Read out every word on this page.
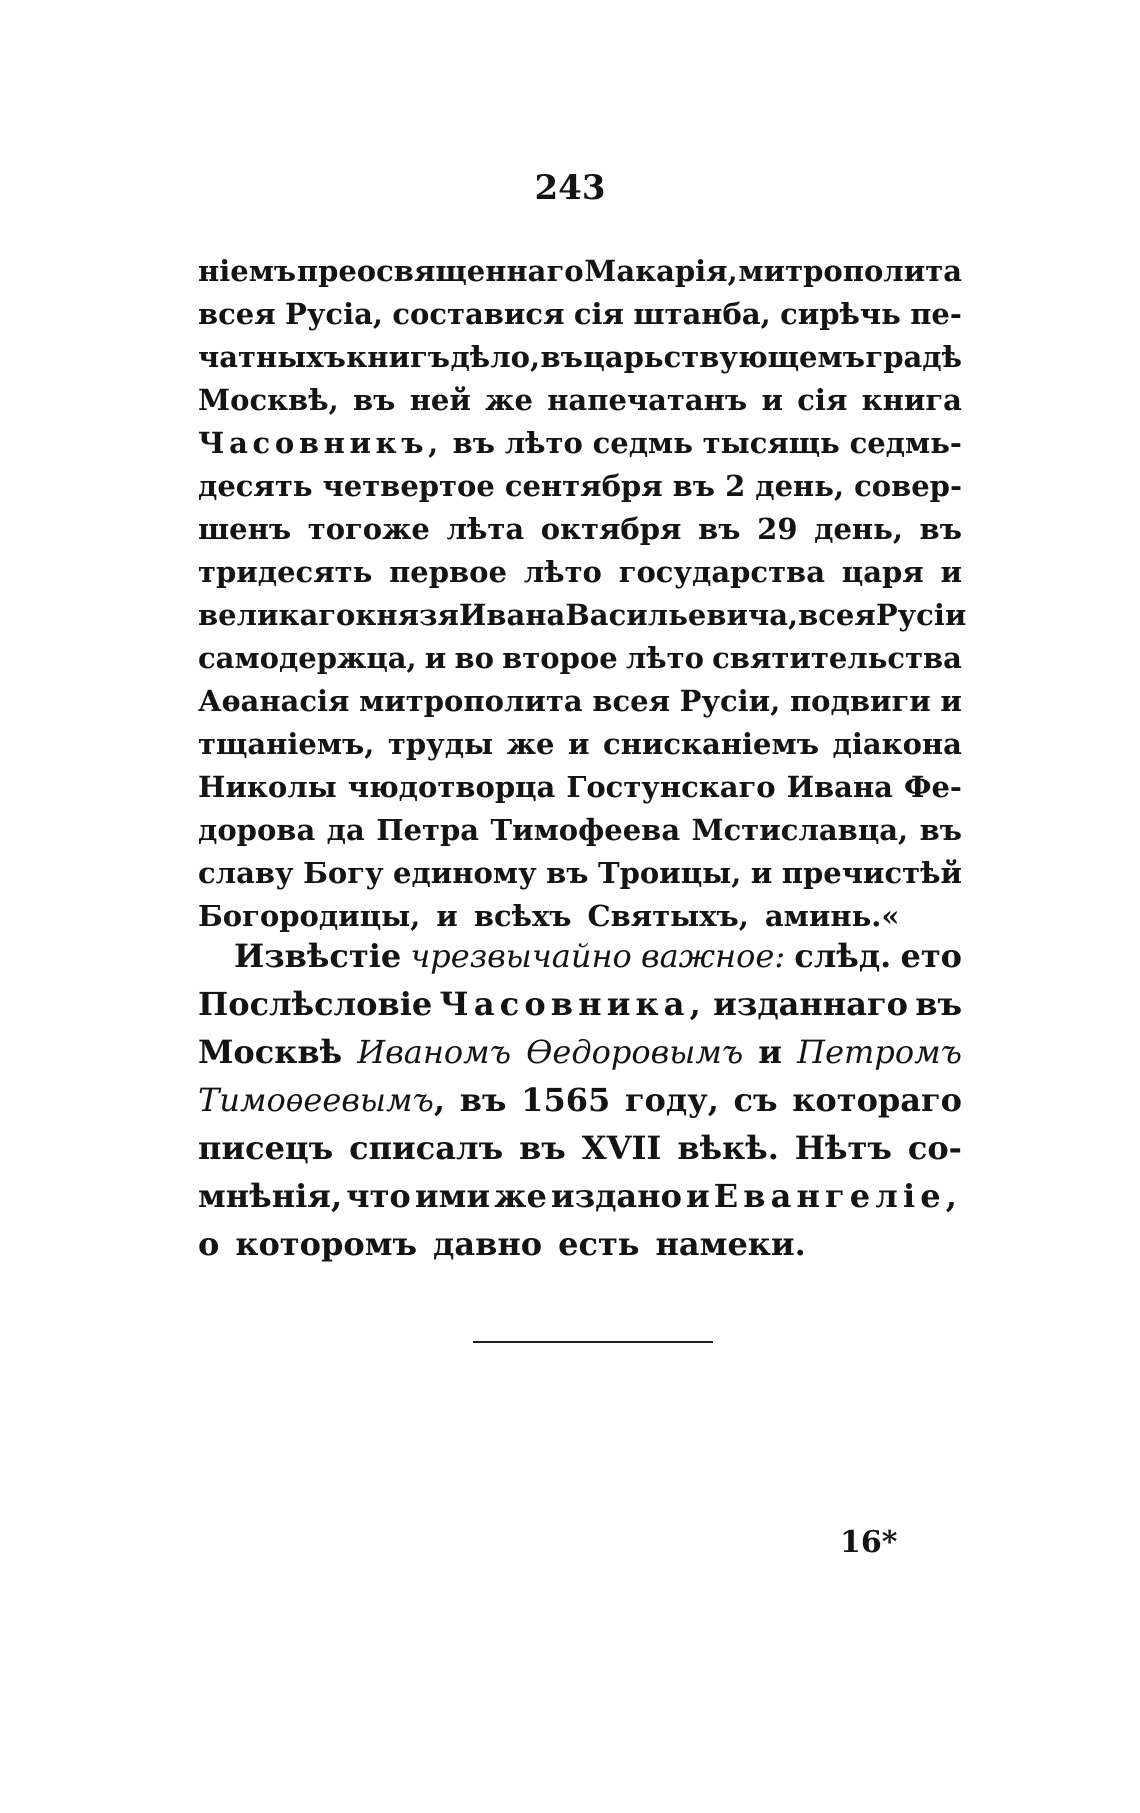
243
ніемъ преосвященнаго Макарія, митрополита
всея Русіа, составися сія штанба, сирѣчь пе-
чатныхъ книгъ дѣло, въ царьствующемъ градѣ
Москвѣ, въ ней же напечатанъ и сія книга
Часовникъ, въ лѣто седмь тысящь седмь-
десять четвертое сентября въ 2 день, совер-
шенъ тогоже лѣта октября въ 29 день, въ
тридесять первое лѣто государства царя и
великаго князя Ивана Васильевича, всея Русіи
самодержца, и во второе лѣто святительства
Аѳанасія митрополита всея Русіи, подвиги и
тщаніемъ, труды же и сниcканіемъ діакона
Николы чюдотворца Гостунскаго Ивана Фе-
дорова да Петра Тимофеева Мстиславца, въ
славу Богу единому въ Троицы, и пречистѣй
Богородицы, и всѣхъ Святыхъ, аминь.«
Извѣстіе чрезвычайно важное: слѣд. ето
Послѣсловіе Часовника, изданнаго въ
Москвѣ Иваномъ Ѳедоровымъ и Петромъ
Тимоѳеевымъ, въ 1565 году, съ котораго
писецъ списалъ въ XVII вѣкѣ. Нѣтъ со-
мнѣнія, что ими же издано и Евангеліе,
о которомъ давно есть намеки.
16*
